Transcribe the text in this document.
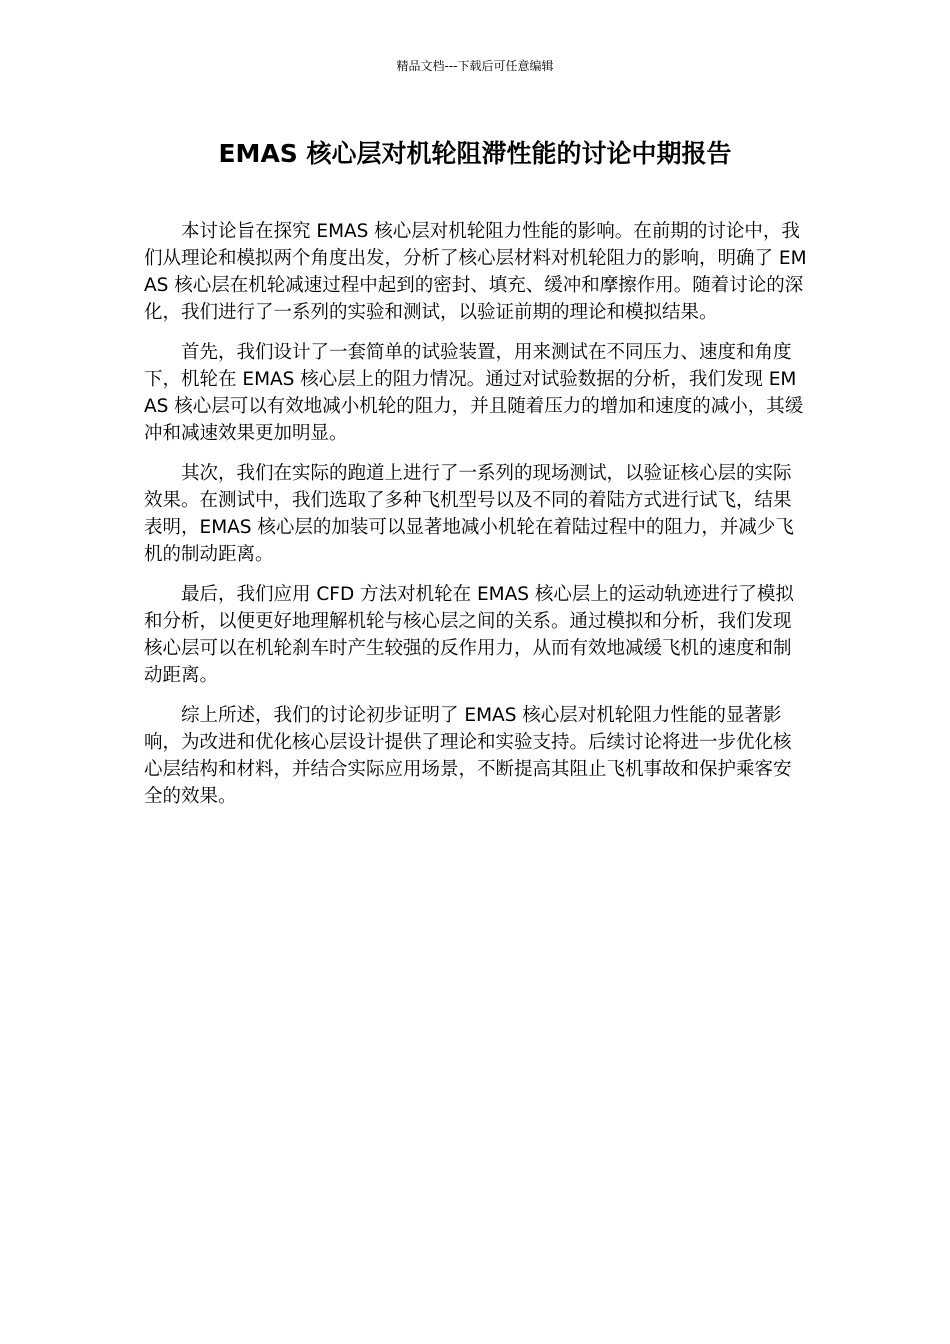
精品文档---下载后可任意编辑
EMAS 核心层对机轮阻滞性能的讨论中期报告

本讨论旨在探究 EMAS 核心层对机轮阻力性能的影响。在前期的讨论中，我们从理论和模拟两个角度出发，分析了核心层材料对机轮阻力的影响，明确了 EMAS 核心层在机轮减速过程中起到的密封、填充、缓冲和摩擦作用。随着讨论的深化，我们进行了一系列的实验和测试，以验证前期的理论和模拟结果。

首先，我们设计了一套简单的试验装置，用来测试在不同压力、速度和角度下，机轮在 EMAS 核心层上的阻力情况。通过对试验数据的分析，我们发现 EMAS 核心层可以有效地减小机轮的阻力，并且随着压力的增加和速度的减小，其缓冲和减速效果更加明显。

其次，我们在实际的跑道上进行了一系列的现场测试，以验证核心层的实际效果。在测试中，我们选取了多种飞机型号以及不同的着陆方式进行试飞，结果表明，EMAS 核心层的加装可以显著地减小机轮在着陆过程中的阻力，并减少飞机的制动距离。

最后，我们应用 CFD 方法对机轮在 EMAS 核心层上的运动轨迹进行了模拟和分析，以便更好地理解机轮与核心层之间的关系。通过模拟和分析，我们发现核心层可以在机轮刹车时产生较强的反作用力，从而有效地减缓飞机的速度和制动距离。

综上所述，我们的讨论初步证明了 EMAS 核心层对机轮阻力性能的显著影响，为改进和优化核心层设计提供了理论和实验支持。后续讨论将进一步优化核心层结构和材料，并结合实际应用场景，不断提高其阻止飞机事故和保护乘客安全的效果。
